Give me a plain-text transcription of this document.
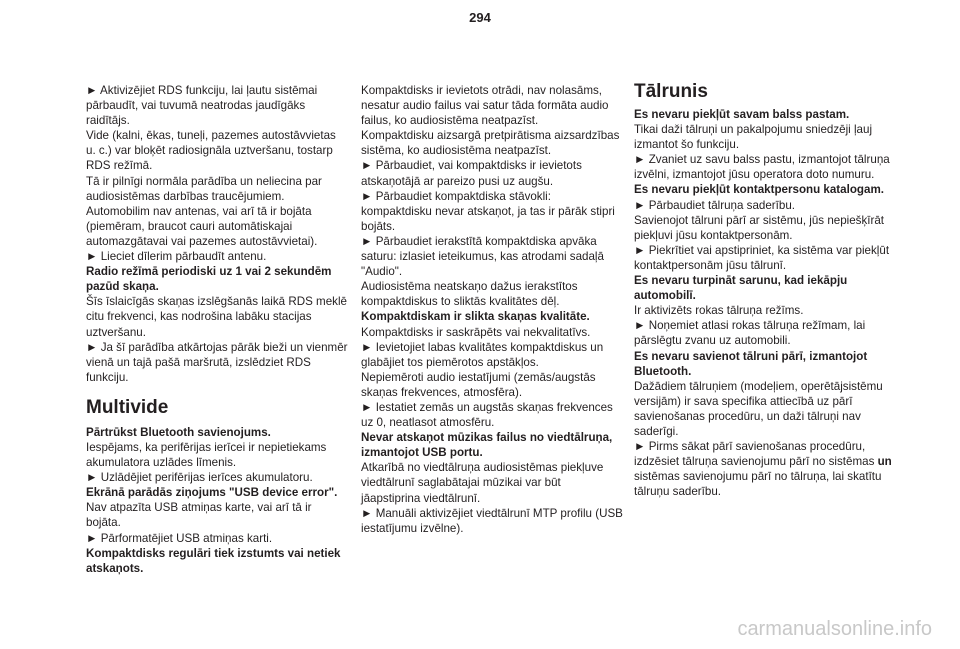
294

► Aktivizējiet RDS funkciju, lai ļautu sistēmai pārbaudīt, vai tuvumā neatrodas jaudīgāks raidītājs.

Vide (kalni, ēkas, tuneļi, pazemes autostāvvietas u. c.) var bloķēt radiosignāla uztveršanu, tostarp RDS režīmā.

Tā ir pilnīgi normāla parādība un neliecina par audiosistēmas darbības traucējumiem.

Automobilim nav antenas, vai arī tā ir bojāta (piemēram, braucot cauri automātiskajai automazgātavai vai pazemes autostāvvietai).

► Lieciet dīlerim pārbaudīt antenu.

Radio režīmā periodiski uz 1 vai 2 sekundēm pazūd skaņa.

Šīs īslaicīgās skaņas izslēgšanās laikā RDS meklē citu frekvenci, kas nodrošina labāku stacijas uztveršanu.

► Ja šī parādība atkārtojas pārāk bieži un vienmēr vienā un tajā pašā maršrutā, izslēdziet RDS funkciju.

Multivide

Pārtrūkst Bluetooth savienojums.

Iespējams, ka perifērijas ierīcei ir nepietiekams akumulatora uzlādes līmenis.

► Uzlādējiet perifērijas ierīces akumulatoru.

Ekrānā parādās ziņojums "USB device error".

Nav atpazīta USB atmiņas karte, vai arī tā ir bojāta.

► Pārformatējiet USB atmiņas karti.

Kompaktdisks regulāri tiek izstumts vai netiek atskaņots.

Kompaktdisks ir ievietots otrādi, nav nolasāms, nesatur audio failus vai satur tāda formāta audio failus, ko audiosistēma neatpazīst.

Kompaktdisku aizsargā pretpirātisma aizsardzības sistēma, ko audiosistēma neatpazīst.

► Pārbaudiet, vai kompaktdisks ir ievietots atskaņotājā ar pareizo pusi uz augšu.

► Pārbaudiet kompaktdiska stāvokli: kompaktdisku nevar atskaņot, ja tas ir pārāk stipri bojāts.

► Pārbaudiet ierakstītā kompaktdiska apvāka saturu: izlasiet ieteikumus, kas atrodami sadaļā "Audio".

Audiosistēma neatskaņo dažus ierakstītos kompaktdiskus to sliktās kvalitātes dēļ.

Kompaktdiskam ir slikta skaņas kvalitāte.

Kompaktdisks ir saskrāpēts vai nekvalitatīvs.

► Ievietojiet labas kvalitātes kompaktdiskus un glabājiet tos piemērotos apstākļos.

Nepiemēroti audio iestatījumi (zemās/augstās skaņas frekvences, atmosfēra).

► Iestatiet zemās un augstās skaņas frekvences uz 0, neatlasot atmosfēru.

Nevar atskaņot mūzikas failus no viedtālruņa, izmantojot USB portu.

Atkarībā no viedtālruņa audiosistēmas piekļuve viedtālrunī saglabātajai mūzikai var būt jāapstiprina viedtālrunī.

► Manuāli aktivizējiet viedtālrunī MTP profilu (USB iestatījumu izvēlne).

Tālrunis

Es nevaru piekļūt savam balss pastam.

Tikai daži tālruņi un pakalpojumu sniedzēji ļauj izmantot šo funkciju.

► Zvaniet uz savu balss pastu, izmantojot tālruņa izvēlni, izmantojot jūsu operatora doto numuru.

Es nevaru piekļūt kontaktpersonu katalogam.

► Pārbaudiet tālruņa saderību.

Savienojot tālruni pārī ar sistēmu, jūs nepiešķīrāt piekļuvi jūsu kontaktpersonām.

► Piekrītiet vai apstipriniet, ka sistēma var piekļūt kontaktpersonām jūsu tālrunī.

Es nevaru turpināt sarunu, kad iekāpju automobilī.

Ir aktivizēts rokas tālruņa režīms.

► Noņemiet atlasi rokas tālruņa režīmam, lai pārslēgtu zvanu uz automobili.

Es nevaru savienot tālruni pārī, izmantojot Bluetooth.

Dažādiem tālruņiem (modeļiem, operētājsistēmu versijām) ir sava specifika attiecībā uz pārī savienošanas procedūru, un daži tālruņi nav saderīgi.

► Pirms sākat pārī savienošanas procedūru, izdzēsiet tālruņa savienojumu pārī no sistēmas un sistēmas savienojumu pārī no tālruņa, lai skatītu tālruņu saderību.

carmanualsonline.info
